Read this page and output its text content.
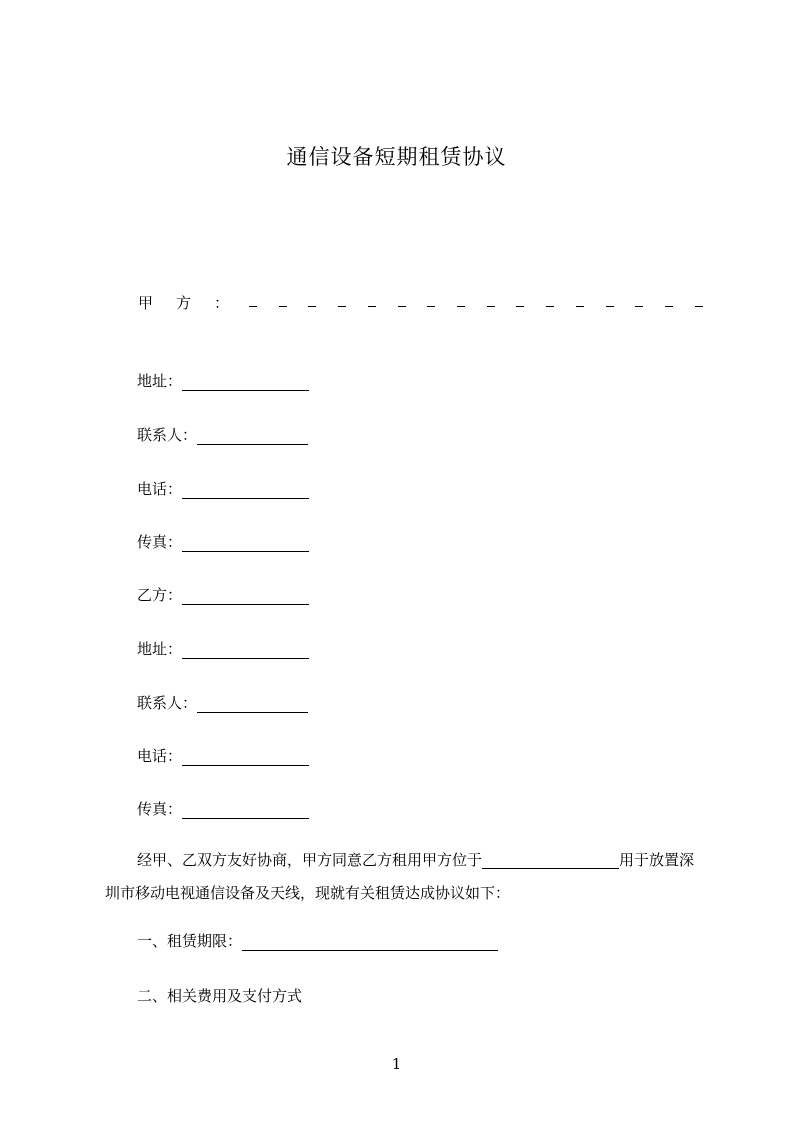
通信设备短期租赁协议
甲 方 ：
地址：
联系人：
电话：
传真：
乙方：
地址：
联系人：
电话：
传真：
经甲、乙双方友好协商，甲方同意乙方租用甲方位于	用于放置深圳市移动电视通信设备及天线，现就有关租赁达成协议如下：
一、租赁期限：
二、相关费用及支付方式
1
